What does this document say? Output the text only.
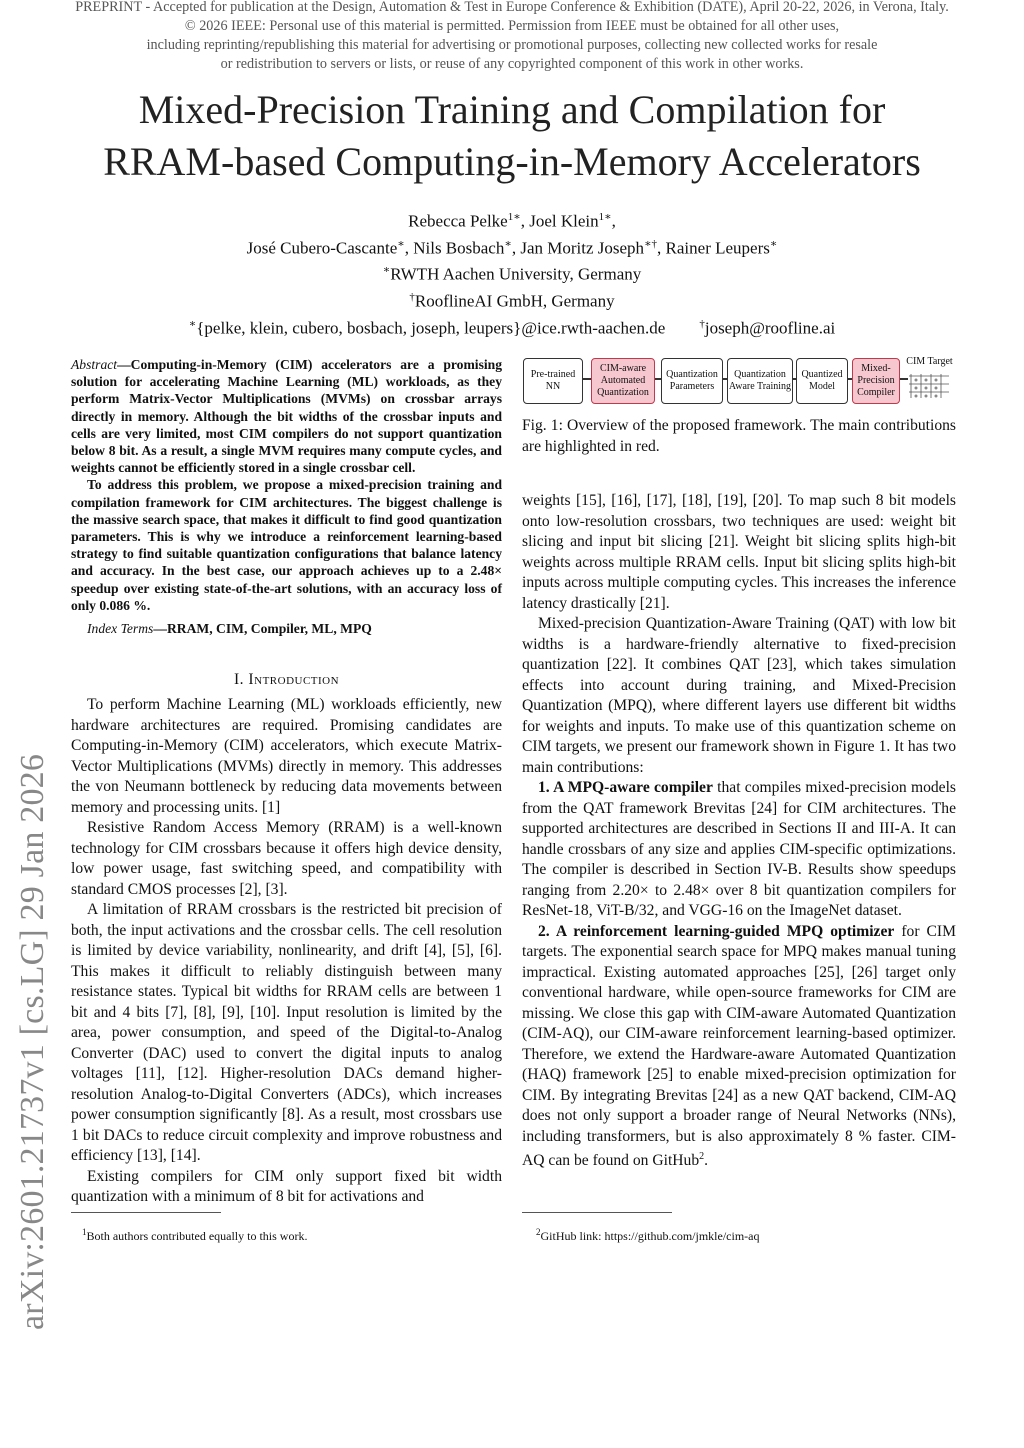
PREPRINT - Accepted for publication at the Design, Automation & Test in Europe Conference & Exhibition (DATE), April 20-22, 2026, in Verona, Italy.
© 2026 IEEE: Personal use of this material is permitted. Permission from IEEE must be obtained for all other uses,
including reprinting/republishing this material for advertising or promotional purposes, collecting new collected works for resale
or redistribution to servers or lists, or reuse of any copyrighted component of this work in other works.
Mixed-Precision Training and Compilation for
RRAM-based Computing-in-Memory Accelerators
Rebecca Pelke$^{1∗}$, Joel Klein$^{1∗}$,
José Cubero-Cascante∗, Nils Bosbach∗, Jan Moritz Joseph∗†, Rainer Leupers∗
∗RWTH Aachen University, Germany
†RooflineAI GmbH, Germany
∗{pelke, klein, cubero, bosbach, joseph, leupers}@ice.rwth-aachen.de	†joseph@roofline.ai
arXiv:2601.21737v1 [cs.LG] 29 Jan 2026

Abstract—Computing-in-Memory (CIM) accelerators are a promising solution for accelerating Machine Learning (ML) workloads, as they perform Matrix-Vector Multiplications (MVMs) on crossbar arrays directly in memory. Although the bit widths of the crossbar inputs and cells are very limited, most CIM compilers do not support quantization below 8 bit. As a result, a single MVM requires many compute cycles, and weights cannot be efficiently stored in a single crossbar cell.

To address this problem, we propose a mixed-precision training and compilation framework for CIM architectures. The biggest challenge is the massive search space, that makes it difficult to find good quantization parameters. This is why we introduce a reinforcement learning-based strategy to find suitable quantization configurations that balance latency and accuracy. In the best case, our approach achieves up to a 2.48× speedup over existing state-of-the-art solutions, with an accuracy loss of only 0.086 %.

Index Terms—RRAM, CIM, Compiler, ML, MPQ

I. Introduction

To perform Machine Learning (ML) workloads efficiently, new hardware architectures are required. Promising candidates are Computing-in-Memory (CIM) accelerators, which execute Matrix-Vector Multiplications (MVMs) directly in memory. This addresses the von Neumann bottleneck by reducing data movements between memory and processing units. [1]

Resistive Random Access Memory (RRAM) is a well-known technology for CIM crossbars because it offers high device density, low power usage, fast switching speed, and compatibility with standard CMOS processes [2], [3].

A limitation of RRAM crossbars is the restricted bit precision of both, the input activations and the crossbar cells. The cell resolution is limited by device variability, nonlinearity, and drift [4], [5], [6]. This makes it difficult to reliably distinguish between many resistance states. Typical bit widths for RRAM cells are between 1 bit and 4 bits [7], [8], [9], [10]. Input resolution is limited by the area, power consumption, and speed of the Digital-to-Analog Converter (DAC) used to convert the digital inputs to analog voltages [11], [12]. Higher-resolution DACs demand higher-resolution Analog-to-Digital Converters (ADCs), which increases power consumption significantly [8]. As a result, most crossbars use 1 bit DACs to reduce circuit complexity and improve robustness and efficiency [13], [14].

Existing compilers for CIM only support fixed bit width quantization with a minimum of 8 bit for activations and

$^1$Both authors contributed equally to this work.
Pre-trained NN
CIM-aware Automated Quantization
Quantization Parameters
Quantization Aware Training
Quantized Model
Mixed-Precision Compiler
CIM Target
Fig. 1: Overview of the proposed framework. The main contributions are highlighted in red.

weights [15], [16], [17], [18], [19], [20]. To map such 8 bit models onto low-resolution crossbars, two techniques are used: weight bit slicing and input bit slicing [21]. Weight bit slicing splits high-bit weights across multiple RRAM cells. Input bit slicing splits high-bit inputs across multiple computing cycles. This increases the inference latency drastically [21].

Mixed-precision Quantization-Aware Training (QAT) with low bit widths is a hardware-friendly alternative to fixed-precision quantization [22]. It combines QAT [23], which takes simulation effects into account during training, and Mixed-Precision Quantization (MPQ), where different layers use different bit widths for weights and inputs. To make use of this quantization scheme on CIM targets, we present our framework shown in Figure 1. It has two main contributions:

1. A MPQ-aware compiler that compiles mixed-precision models from the QAT framework Brevitas [24] for CIM architectures. The supported architectures are described in Sections II and III-A. It can handle crossbars of any size and applies CIM-specific optimizations. The compiler is described in Section IV-B. Results show speedups ranging from 2.20× to 2.48× over 8 bit quantization compilers for ResNet-18, ViT-B/32, and VGG-16 on the ImageNet dataset.

2. A reinforcement learning-guided MPQ optimizer for CIM targets. The exponential search space for MPQ makes manual tuning impractical. Existing automated approaches [25], [26] target only conventional hardware, while open-source frameworks for CIM are missing. We close this gap with CIM-aware Automated Quantization (CIM-AQ), our CIM-aware reinforcement learning-based optimizer. Therefore, we extend the Hardware-aware Automated Quantization (HAQ) framework [25] to enable mixed-precision optimization for CIM. By integrating Brevitas [24] as a new QAT backend, CIM-AQ does not only support a broader range of Neural Networks (NNs), including transformers, but is also approximately 8 % faster. CIM-AQ can be found on GitHub$^2$.

$^2$GitHub link: https://github.com/jmkle/cim-aq
